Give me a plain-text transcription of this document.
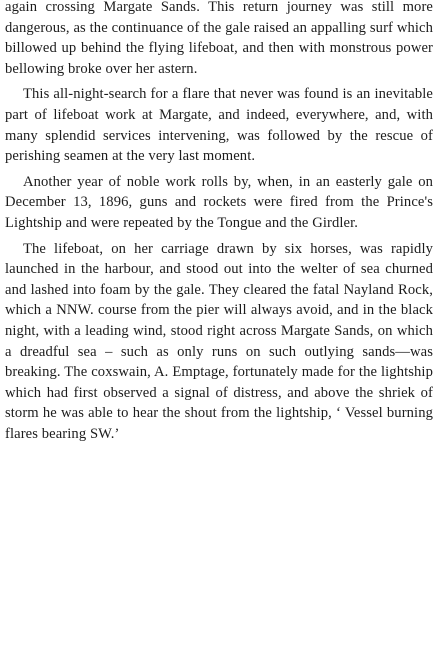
again crossing Margate Sands. This return journey was still more dangerous, as the continuance of the gale raised an appalling surf which billowed up behind the flying lifeboat, and then with monstrous power bellowing broke over her astern.

This all-night-search for a flare that never was found is an inevitable part of lifeboat work at Margate, and indeed, everywhere, and, with many splendid services intervening, was followed by the rescue of perishing seamen at the very last moment.

Another year of noble work rolls by, when, in an easterly gale on December 13, 1896, guns and rockets were fired from the Prince's Lightship and were repeated by the Tongue and the Girdler.

The lifeboat, on her carriage drawn by six horses, was rapidly launched in the harbour, and stood out into the welter of sea churned and lashed into foam by the gale. They cleared the fatal Nayland Rock, which a NNW. course from the pier will always avoid, and in the black night, with a leading wind, stood right across Margate Sands, on which a dreadful sea – such as only runs on such outlying sands—was breaking. The coxswain, A. Emptage, fortunately made for the lightship which had first observed a signal of distress, and above the shriek of storm he was able to hear the shout from the lightship, ‘ Vessel burning flares bearing SW.’
